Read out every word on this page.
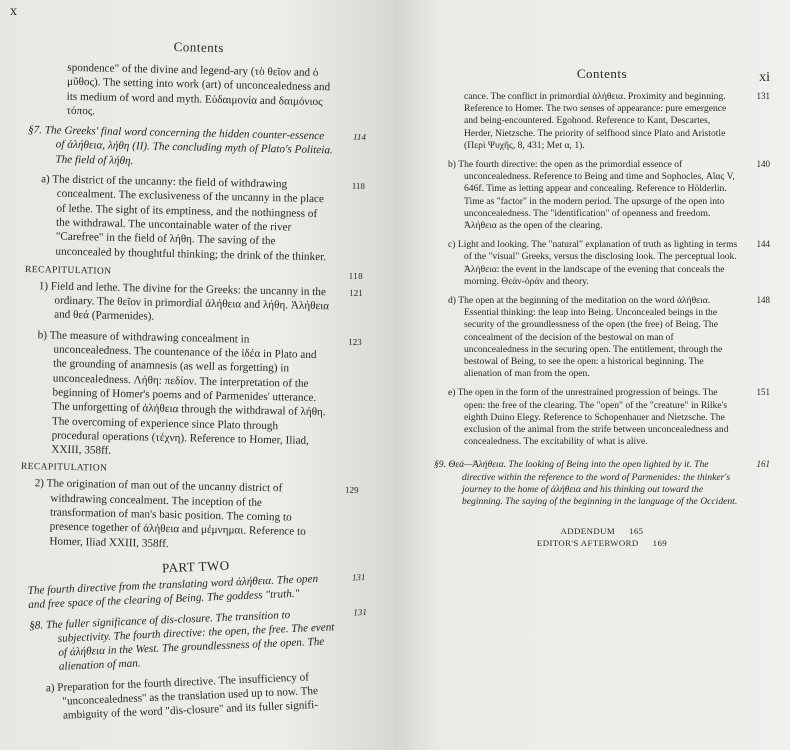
x
Contents
spondence" of the divine and legend-ary (τὸ θεῖον and ὁ μῦθος). The setting into work (art) of unconcealedness and its medium of word and myth. Εὐδαιμονία and δαιμόνιος τόπος.
§7. The Greeks' final word concerning the hidden counter-essence of ἀλήθεια, λήθη (II). The concluding myth of Plato's Politeia. The field of λήθη.
114
a) The district of the uncanny: the field of withdrawing concealment. The exclusiveness of the uncanny in the place of lethe. The sight of its emptiness, and the nothingness of the withdrawal. The uncontainable water of the river "Carefree" in the field of λήθη. The saving of the unconcealed by thoughtful thinking; the drink of the thinker.
118
RECAPITULATION	118
1) Field and lethe. The divine for the Greeks: the uncanny in the ordinary. The θεῖον in primordial ἀλήθεια and λήθη. Ἀλήθεια and θεά (Parmenides).
121
b) The measure of withdrawing concealment in unconcealedness. The countenance of the ἰδέα in Plato and the grounding of anamnesis (as well as forgetting) in unconcealedness. Λήθη: πεδίον. The interpretation of the beginning of Homer's poems and of Parmenides' utterance. The unforgetting of ἀλήθεια through the withdrawal of λήθη. The overcoming of experience since Plato through procedural operations (τέχνη). Reference to Homer, Iliad, XXIII, 358ff.
123
RECAPITULATION
2) The origination of man out of the uncanny district of withdrawing concealment. The inception of the transformation of man's basic position. The coming to presence together of ἀλήθεια and μέμνημαι. Reference to Homer, Iliad XXIII, 358ff.
129
PART TWO
The fourth directive from the translating word ἀλήθεια. The open and free space of the clearing of Being. The goddess "truth."
131
§8. The fuller significance of dis-closure. The transition to subjectivity. The fourth directive: the open, the free. The event of ἀλήθεια in the West. The groundlessness of the open. The alienation of man.
131
a) Preparation for the fourth directive. The insufficiency of "unconcealedness" as the translation used up to now. The ambiguity of the word "dis-closure" and its fuller signifi-
xi
Contents
cance. The conflict in primordial ἀλήθεια. Proximity and beginning. Reference to Homer. The two senses of appearance: pure emergence and being-encountered. Egohood. Reference to Kant, Descartes, Herder, Nietzsche. The priority of selfhood since Plato and Aristotle (Περὶ Ψυχῆς, 8, 431; Met α, 1).
131
b) The fourth directive: the open as the primordial essence of unconcealedness. Reference to Being and time and Sophocles, Αἴας V, 646f. Time as letting appear and concealing. Reference to Hölderlin. Time as "factor" in the modern period. The upsurge of the open into unconcealedness. The "identification" of openness and freedom. Ἀλήθεια as the open of the clearing.
140
c) Light and looking. The "natural" explanation of truth as lighting in terms of the "visual" Greeks, versus the disclosing look. The perceptual look. Ἀλήθεια: the event in the landscape of the evening that conceals the morning. Θεάν-ὁράν and theory.
144
d) The open at the beginning of the meditation on the word ἀλήθεια. Essential thinking: the leap into Being. Unconcealed beings in the security of the groundlessness of the open (the free) of Being. The concealment of the decision of the bestowal on man of unconcealedness in the securing open. The entitlement, through the bestowal of Being, to see the open: a historical beginning. The alienation of man from the open.
148
e) The open in the form of the unrestrained progression of beings. The open: the free of the clearing. The "open" of the "creature" in Rilke's eighth Duino Elegy. Reference to Schopenhauer and Nietzsche. The exclusion of the animal from the strife between unconcealedness and concealedness. The excitability of what is alive.
151
§9. Θεά—Ἀλήθεια. The looking of Being into the open lighted by it. The directive within the reference to the word of Parmenides: the thinker's journey to the home of ἀλήθεια and his thinking out toward the beginning. The saying of the beginning in the language of the Occident.
161
ADDENDUM 165
EDITOR'S AFTERWORD 169
